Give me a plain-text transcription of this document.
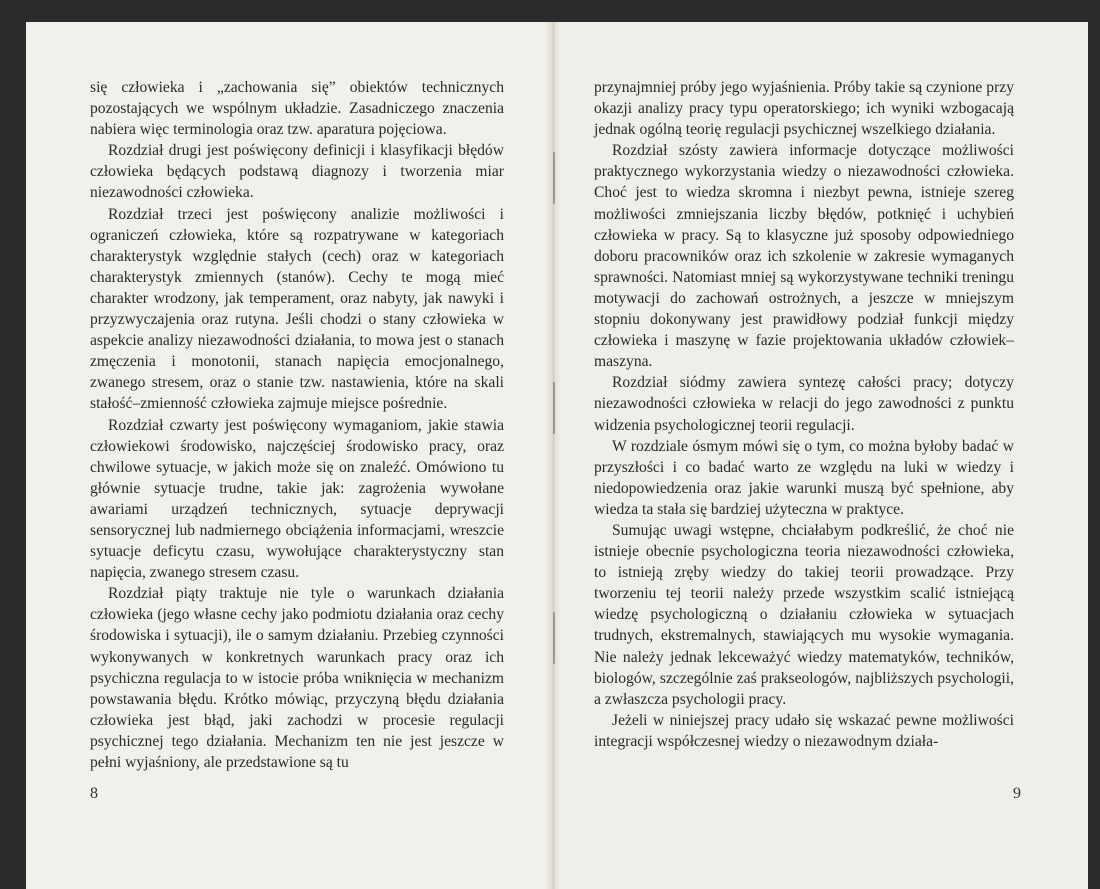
się człowieka i „zachowania się” obiektów technicznych pozostających we wspólnym układzie. Zasadniczego znaczenia nabiera więc terminologia oraz tzw. aparatura pojęciowa.

Rozdział drugi jest poświęcony definicji i klasyfikacji błędów człowieka będących podstawą diagnozy i tworzenia miar niezawodności człowieka.

Rozdział trzeci jest poświęcony analizie możliwości i ograniczeń człowieka, które są rozpatrywane w kategoriach charakterystyk względnie stałych (cech) oraz w kategoriach charakterystyk zmiennych (stanów). Cechy te mogą mieć charakter wrodzony, jak temperament, oraz nabyty, jak nawyki i przyzwyczajenia oraz rutyna. Jeśli chodzi o stany człowieka w aspekcie analizy niezawodności działania, to mowa jest o stanach zmęczenia i monotonii, stanach napięcia emocjonalnego, zwanego stresem, oraz o stanie tzw. nastawienia, które na skali stałość–zmienność człowieka zajmuje miejsce pośrednie.

Rozdział czwarty jest poświęcony wymaganiom, jakie stawia człowiekowi środowisko, najczęściej środowisko pracy, oraz chwilowe sytuacje, w jakich może się on znaleźć. Omówiono tu głównie sytuacje trudne, takie jak: zagrożenia wywołane awariami urządzeń technicznych, sytuacje deprywacji sensorycznej lub nadmiernego obciążenia informacjami, wreszcie sytuacje deficytu czasu, wywołujące charakterystyczny stan napięcia, zwanego stresem czasu.

Rozdział piąty traktuje nie tyle o warunkach działania człowieka (jego własne cechy jako podmiotu działania oraz cechy środowiska i sytuacji), ile o samym działaniu. Przebieg czynności wykonywanych w konkretnych warunkach pracy oraz ich psychiczna regulacja to w istocie próba wniknięcia w mechanizm powstawania błędu. Krótko mówiąc, przyczyną błędu działania człowieka jest błąd, jaki zachodzi w procesie regulacji psychicznej tego działania. Mechanizm ten nie jest jeszcze w pełni wyjaśniony, ale przedstawione są tu

8

przynajmniej próby jego wyjaśnienia. Próby takie są czynione przy okazji analizy pracy typu operatorskiego; ich wyniki wzbogacają jednak ogólną teorię regulacji psychicznej wszelkiego działania.

Rozdział szósty zawiera informacje dotyczące możliwości praktycznego wykorzystania wiedzy o niezawodności człowieka. Choć jest to wiedza skromna i niezbyt pewna, istnieje szereg możliwości zmniejszania liczby błędów, potknięć i uchybień człowieka w pracy. Są to klasyczne już sposoby odpowiedniego doboru pracowników oraz ich szkolenie w zakresie wymaganych sprawności. Natomiast mniej są wykorzystywane techniki treningu motywacji do zachowań ostrożnych, a jeszcze w mniejszym stopniu dokonywany jest prawidłowy podział funkcji między człowieka i maszynę w fazie projektowania układów człowiek–maszyna.

Rozdział siódmy zawiera syntezę całości pracy; dotyczy niezawodności człowieka w relacji do jego zawodności z punktu widzenia psychologicznej teorii regulacji.

W rozdziale ósmym mówi się o tym, co można byłoby badać w przyszłości i co badać warto ze względu na luki w wiedzy i niedopowiedzenia oraz jakie warunki muszą być spełnione, aby wiedza ta stała się bardziej użyteczna w praktyce.

Sumując uwagi wstępne, chciałabym podkreślić, że choć nie istnieje obecnie psychologiczna teoria niezawodności człowieka, to istnieją zręby wiedzy do takiej teorii prowadzące. Przy tworzeniu tej teorii należy przede wszystkim scalić istniejącą wiedzę psychologiczną o działaniu człowieka w sytuacjach trudnych, ekstremalnych, stawiających mu wysokie wymagania. Nie należy jednak lekceważyć wiedzy matematyków, techników, biologów, szczególnie zaś prakseologów, najbliższych psychologii, a zwłaszcza psychologii pracy.

Jeżeli w niniejszej pracy udało się wskazać pewne możliwości integracji współczesnej wiedzy o niezawodnym działa-

9
